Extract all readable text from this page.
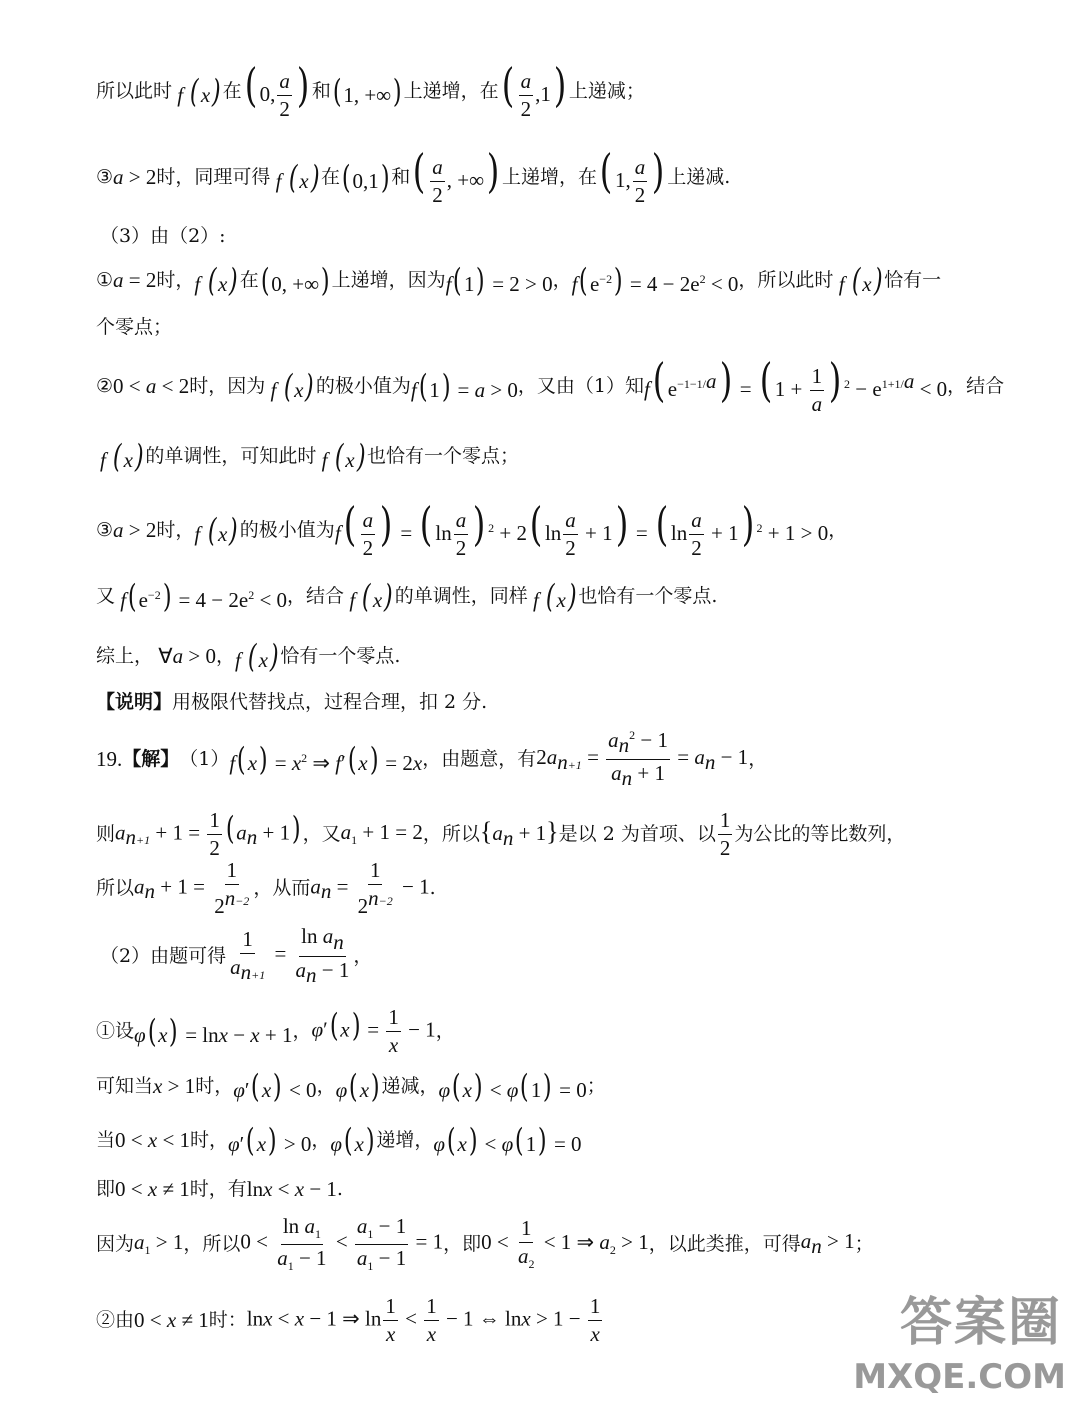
所以此时 f (x) 在 ( 0, $\frac{a}{2}$ ) 和 (1, +∞) 上递增，在 ( $\frac{a}{2} ,1$) 上递减；
③ a > 2 时，同理可得 f (x) 在 (0,1) 和 ( $\frac{a}{2}$ , +∞) 上递增，在 ( 1, $\frac{a}{2}$ ) 上递减.
（3）由（2）:
① a = 2 时， f (x) 在 (0, +∞) 上递增，因为 f(1) = 2 > 0 ， $f(e^{-2}) = 4 - 2e^2 < 0$ ，所以此时 f (x) 恰有一
个零点；
② 0 < a < 2 时，因为 f (x) 的极小值为 f(1) = a > 0 ，又由（1）知 f( $e^{-1-1/a}$) = ( $1 + \frac{1}{a}$ ) $^2 - e^{1+1/a} < 0$ ，结合
f (x) 的单调性，可知此时 f (x) 也恰有一个零点；
③ a > 2 时， f (x) 的极小值为 $f( \frac{a}{2}$ ) = ( $\ln \frac{a}{2}$ ) $^2$ + 2( $\ln \frac{a}{2} + 1$) = ( $\ln \frac{a}{2} + 1$) $^2$ + 1 > 0 ，
又 $f(e^{-2}) = 4 - 2e^2 < 0$ ，结合 f (x) 的单调性，同样 f (x) 也恰有一个零点.
综上， ∀a > 0 ， f (x) 恰有一个零点.
【说明】 用极限代替找点，过程合理，扣 2 分.
19. 【解】 （1） $f(x) = x^2$ ⇒ f′(x) = 2x ，由题意，有 $2a_{n+1} = \frac{a_n^2 - 1}{a_n + 1} = a_n - 1$ ，
则 $a_{n+1} + 1 = \frac{1}{2} (a_n + 1)$ ，又 $a_1 + 1 = 2$ ，所以 $\{a_n + 1\}$ 是以 2 为首项、以 $\frac{1}{2}$ 为公比的等比数列，
所以 $a_n + 1 = \frac{1}{2^{n-2}}$ ，从而 $a_n = \frac{1}{2^{n-2}} - 1$ .
（2）由题可得 $\frac{1}{a_{n+1}} = \frac{\ln a_n}{a_n - 1}$ ，
①设 φ(x) = lnx − x + 1 ， $\varphi'(x) = \frac{1}{x} - 1$ ，
可知当 x > 1 时， φ′(x) < 0 ， φ(x) 递减， φ(x) < φ(1) = 0 ；
当 0 < x < 1 时， φ′(x) > 0 ， φ(x) 递增， φ(x) < φ(1) = 0
即 0 < x ≠ 1 时，有 lnx < x − 1 .
因为 $a_1 > 1$ ，所以 $0 < \frac{\ln a_1}{a_1 - 1} < \frac{a_1 - 1}{a_1 - 1} = 1$ ，即 $0 < \frac{1}{a_2} < 1$ ⇒ $a_2 > 1$ ，以此类推，可得 $a_n > 1$ ；
②由 0 < x ≠ 1 时： lnx < x − 1 ⇒ $\ln \frac{1}{x} < \frac{1}{x} - 1$ ⇔ $\ln x > 1 - \frac{1}{x}$	答案圈
MXQE.COM
